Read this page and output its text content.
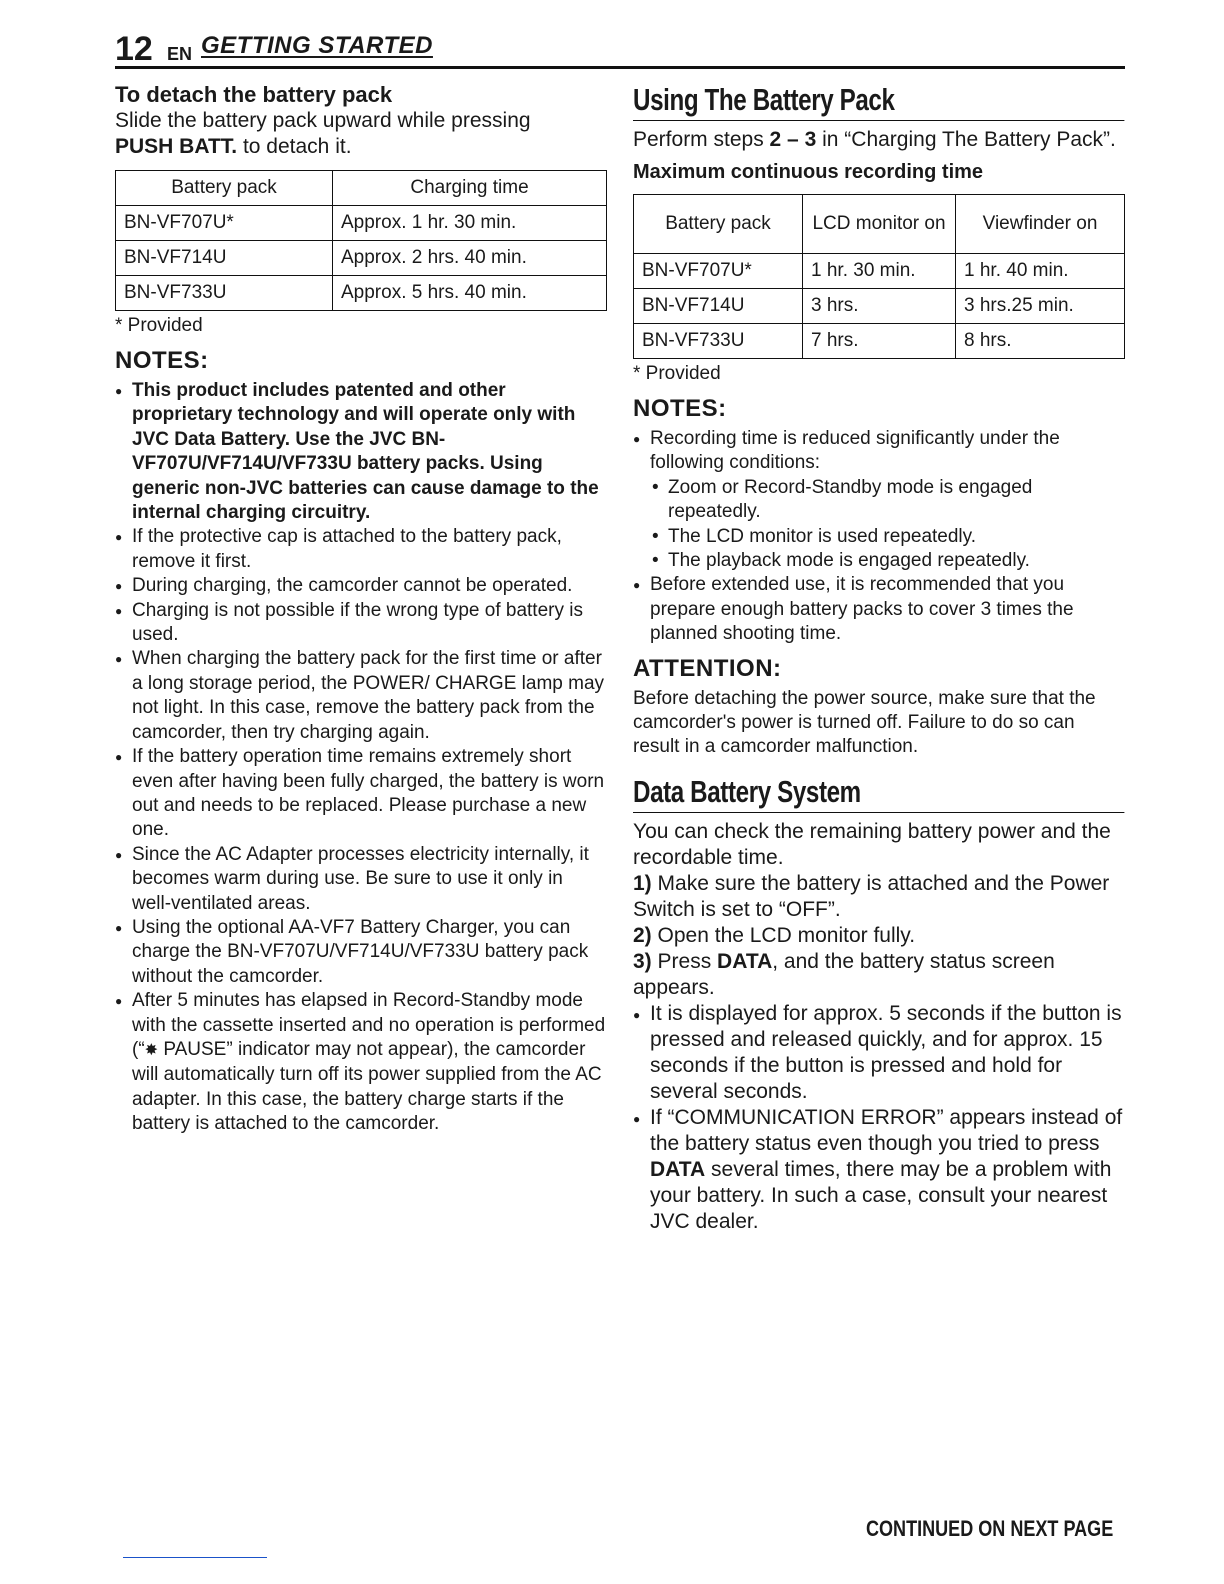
12 EN GETTING STARTED
To detach the battery pack

Slide the battery pack upward while pressing
PUSH BATT. to detach it.

Battery pack	Charging time
BN-VF707U*	Approx. 1 hr. 30 min.
BN-VF714U	Approx. 2 hrs. 40 min.
BN-VF733U	Approx. 5 hrs. 40 min.
* Provided
NOTES:
● This product includes patented and other proprietary technology and will operate only with JVC Data Battery. Use the JVC BN-VF707U/VF714U/VF733U battery packs. Using generic non-JVC batteries can cause damage to the internal charging circuitry.
● If the protective cap is attached to the battery pack, remove it first.
● During charging, the camcorder cannot be operated.
● Charging is not possible if the wrong type of battery is used.
● When charging the battery pack for the first time or after a long storage period, the POWER/ CHARGE lamp may not light. In this case, remove the battery pack from the camcorder, then try charging again.
● If the battery operation time remains extremely short even after having been fully charged, the battery is worn out and needs to be replaced. Please purchase a new one.
● Since the AC Adapter processes electricity internally, it becomes warm during use. Be sure to use it only in well-ventilated areas.
● Using the optional AA-VF7 Battery Charger, you can charge the BN-VF707U/VF714U/VF733U battery pack without the camcorder.
● After 5 minutes has elapsed in Record-Standby mode with the cassette inserted and no operation is performed (“✸ PAUSE” indicator may not appear), the camcorder will automatically turn off its power supplied from the AC adapter. In this case, the battery charge starts if the battery is attached to the camcorder.
Using The Battery Pack

Perform steps 2 – 3 in “Charging The Battery Pack”.

Maximum continuous recording time
Battery pack	LCD monitor on	Viewfinder on
BN-VF707U*	1 hr. 30 min.	1 hr. 40 min.
BN-VF714U	3 hrs.	3 hrs.25 min.
BN-VF733U	7 hrs.	8 hrs.
* Provided
NOTES:
● Recording time is reduced significantly under the following conditions:
• Zoom or Record-Standby mode is engaged repeatedly.
• The LCD monitor is used repeatedly.
• The playback mode is engaged repeatedly.
● Before extended use, it is recommended that you prepare enough battery packs to cover 3 times the planned shooting time.
ATTENTION:

Before detaching the power source, make sure that the camcorder's power is turned off. Failure to do so can result in a camcorder malfunction.

Data Battery System

You can check the remaining battery power and the recordable time.

1) Make sure the battery is attached and the Power Switch is set to “OFF”.

2) Open the LCD monitor fully.

3) Press DATA, and the battery status screen appears.

● It is displayed for approx. 5 seconds if the button is pressed and released quickly, and for approx. 15 seconds if the button is pressed and hold for several seconds.
● If “COMMUNICATION ERROR” appears instead of the battery status even though you tried to press DATA several times, there may be a problem with your battery. In such a case, consult your nearest JVC dealer.
CONTINUED ON NEXT PAGE
